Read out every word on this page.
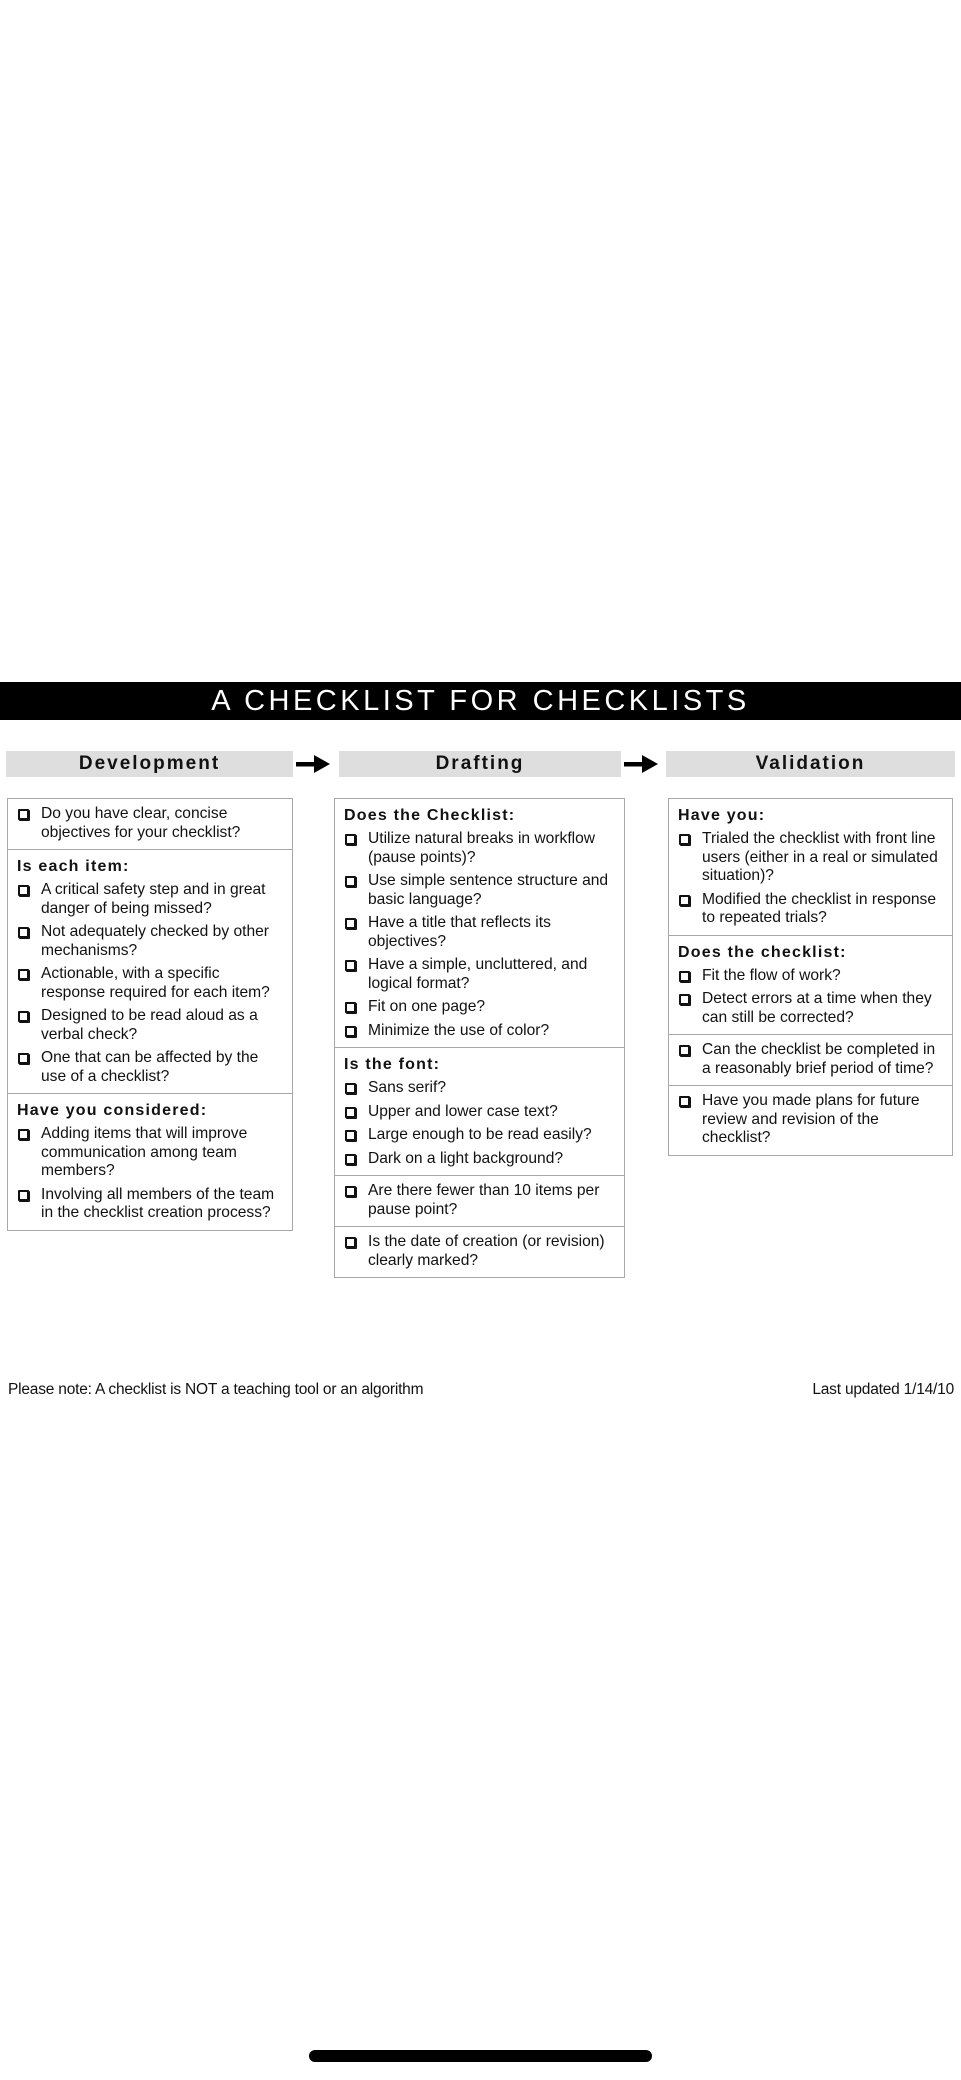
A CHECKLIST FOR CHECKLISTS
Development	Drafting	Validation
Do you have clear, concise objectives for your checklist?
Is each item:
A critical safety step and in great danger of being missed?
Not adequately checked by other mechanisms?
Actionable, with a specific response required for each item?
Designed to be read aloud as a verbal check?
One that can be affected by the use of a checklist?
Have you considered:
Adding items that will improve communication among team members?
Involving all members of the team in the checklist creation process?
Does the Checklist:
Utilize natural breaks in workflow (pause points)?
Use simple sentence structure and basic language?
Have a title that reflects its objectives?
Have a simple, uncluttered, and logical format?
Fit on one page?
Minimize the use of color?
Is the font:
Sans serif?
Upper and lower case text?
Large enough to be read easily?
Dark on a light background?
Are there fewer than 10 items per pause point?
Is the date of creation (or revision) clearly marked?
Have you:
Trialed the checklist with front line users (either in a real or simulated situation)?
Modified the checklist in response to repeated trials?
Does the checklist:
Fit the flow of work?
Detect errors at a time when they can still be corrected?
Can the checklist be completed in a reasonably brief period of time?
Have you made plans for future review and revision of the checklist?
Please note: A checklist is NOT a teaching tool or an algorithm	Last updated 1/14/10
